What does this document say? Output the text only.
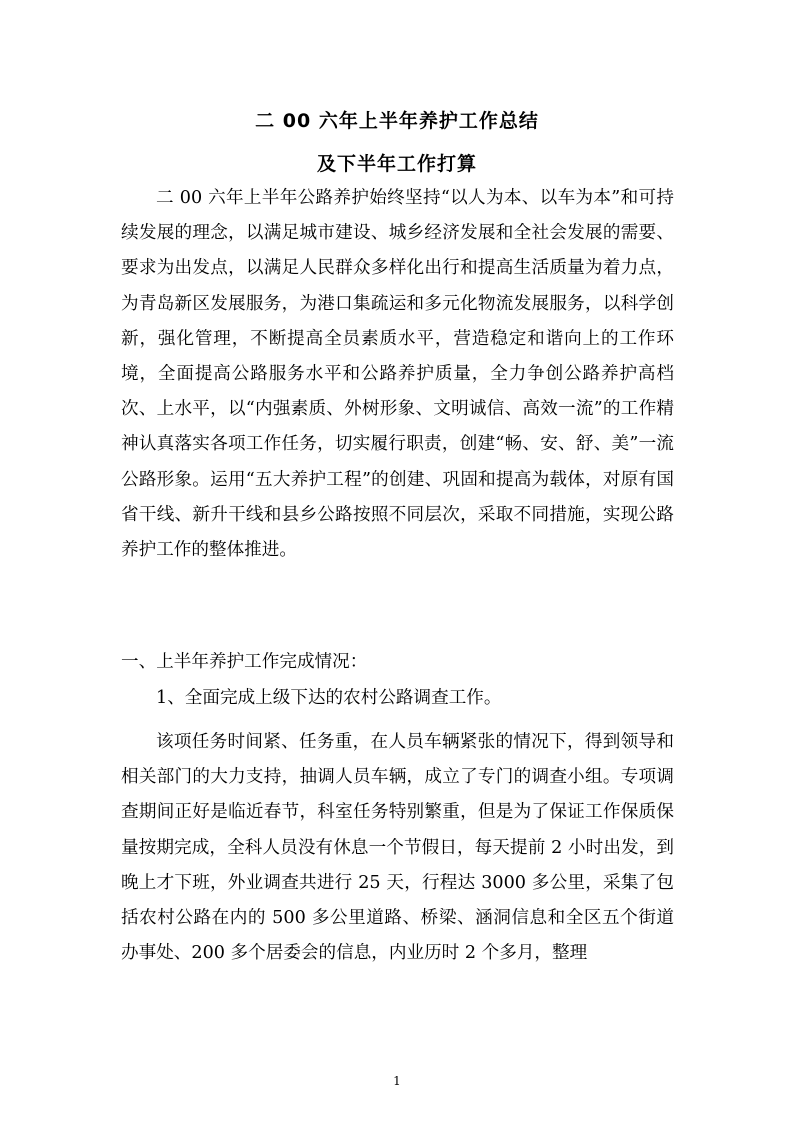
二 00 六年上半年养护工作总结
及下半年工作打算
二 00 六年上半年公路养护始终坚持“以人为本、以车为本”和可持续发展的理念，以满足城市建设、城乡经济发展和全社会发展的需要、要求为出发点，以满足人民群众多样化出行和提高生活质量为着力点，为青岛新区发展服务，为港口集疏运和多元化物流发展服务，以科学创新，强化管理，不断提高全员素质水平，营造稳定和谐向上的工作环境，全面提高公路服务水平和公路养护质量，全力争创公路养护高档次、上水平，以“内强素质、外树形象、文明诚信、高效一流”的工作精神认真落实各项工作任务，切实履行职责，创建“畅、安、舒、美”一流公路形象。运用“五大养护工程”的创建、巩固和提高为载体，对原有国省干线、新升干线和县乡公路按照不同层次，采取不同措施，实现公路养护工作的整体推进。
一、上半年养护工作完成情况：
1、全面完成上级下达的农村公路调查工作。
该项任务时间紧、任务重，在人员车辆紧张的情况下，得到领导和相关部门的大力支持，抽调人员车辆，成立了专门的调查小组。专项调查期间正好是临近春节，科室任务特别繁重，但是为了保证工作保质保量按期完成，全科人员没有休息一个节假日，每天提前 2 小时出发，到晚上才下班，外业调查共进行 25 天，行程达 3000 多公里，采集了包括农村公路在内的 500 多公里道路、桥梁、涵洞信息和全区五个街道办事处、200 多个居委会的信息，内业历时 2 个多月，整理
1
